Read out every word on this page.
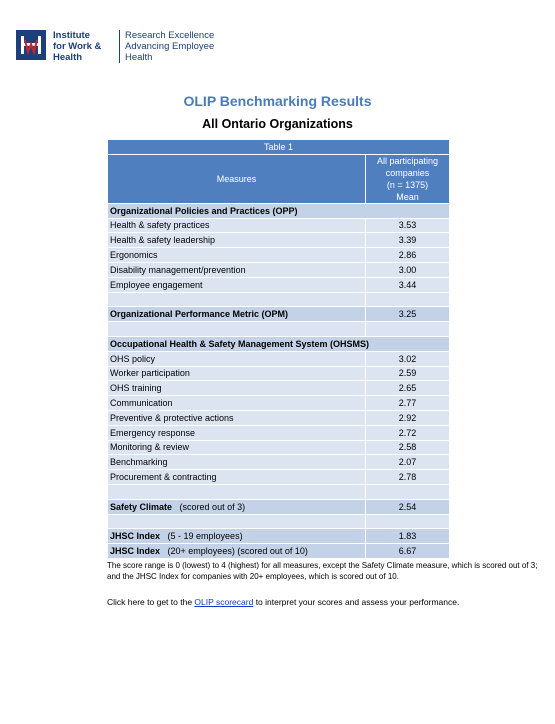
Institute
for Work &
Health
Research Excellence
Advancing Employee
Health
OLIP Benchmarking Results
All Ontario Organizations
Table 1	
Measures	All participating
companies
(n = 1375)
Mean

Organizational Policies and Practices (OPP)	
Health & safety practices	3.53
Health & safety leadership	3.39
Ergonomics	2.86
Disability management/prevention	3.00
Employee engagement	3.44

Organizational Performance Metric (OPM)	3.25

Occupational Health & Safety Management System (OHSMS)	
OHS policy	3.02
Worker participation	2.59
OHS training	2.65
Communication	2.77
Preventive & protective actions	2.92
Emergency response	2.72
Monitoring & review	2.58
Benchmarking	2.07
Procurement & contracting	2.78

Safety Climate (scored out of 3)	2.54

JHSC Index (5 - 19 employees)	1.83
JHSC Index (20+ employees) (scored out of 10)	6.67
The score range is 0 (lowest) to 4 (highest) for all measures, except the Safety Climate measure, which is scored out of 3; and the JHSC Index for companies with 20+ employees, which is scored out of 10.
Click here to get to the OLIP scorecard to interpret your scores and assess your performance.
